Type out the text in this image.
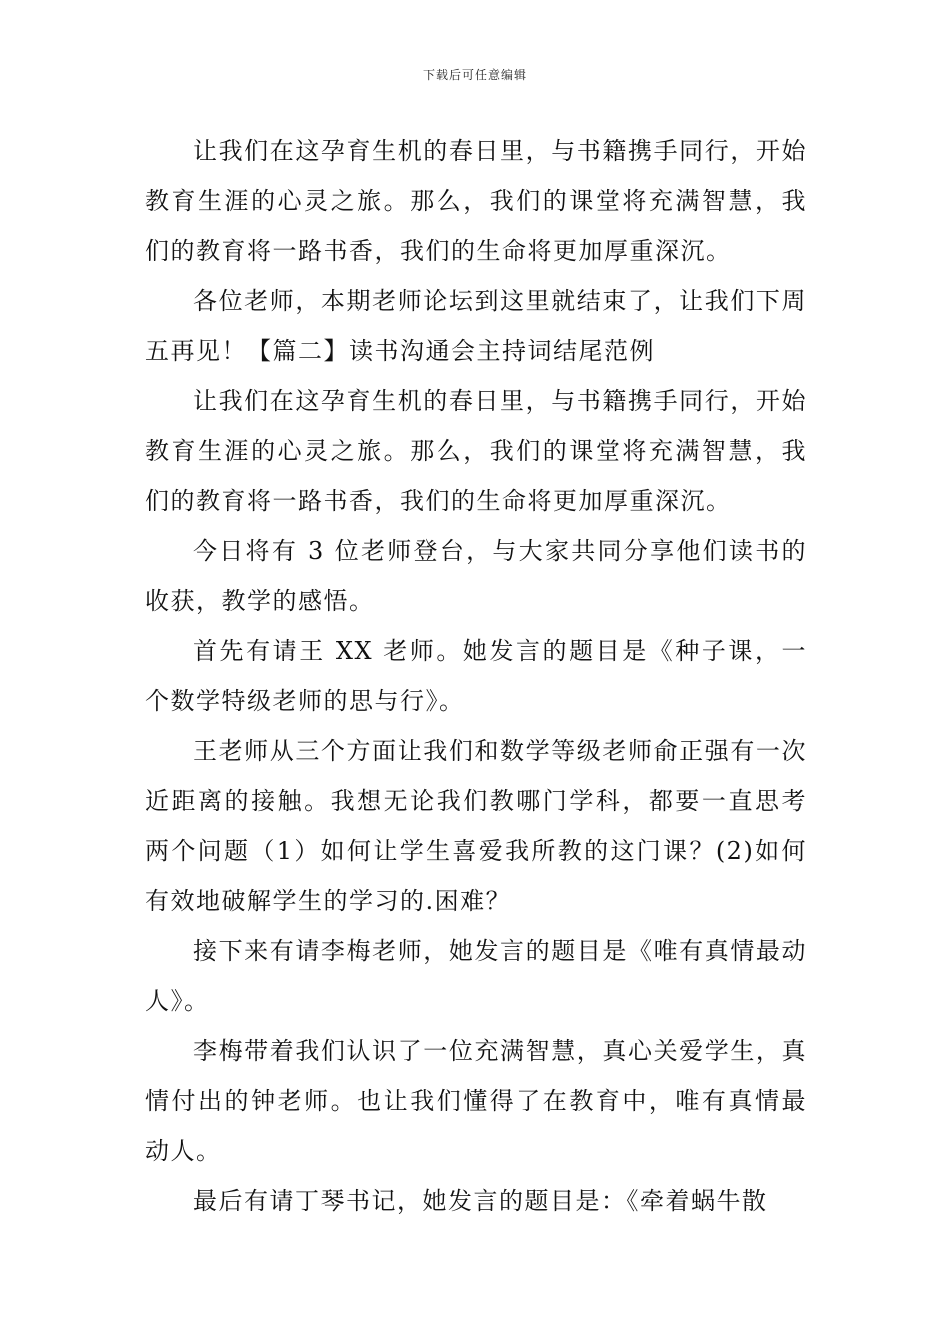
下载后可任意编辑

让我们在这孕育生机的春日里，与书籍携手同行，开始教育生涯的心灵之旅。那么，我们的课堂将充满智慧，我们的教育将一路书香，我们的生命将更加厚重深沉。

各位老师，本期老师论坛到这里就结束了，让我们下周五再见！【篇二】读书沟通会主持词结尾范例

让我们在这孕育生机的春日里，与书籍携手同行，开始教育生涯的心灵之旅。那么，我们的课堂将充满智慧，我们的教育将一路书香，我们的生命将更加厚重深沉。

今日将有 3 位老师登台，与大家共同分享他们读书的收获，教学的感悟。

首先有请王 XX 老师。她发言的题目是《种子课，一个数学特级老师的思与行》。

王老师从三个方面让我们和数学等级老师俞正强有一次近距离的接触。我想无论我们教哪门学科，都要一直思考两个问题（1）如何让学生喜爱我所教的这门课？(2)如何有效地破解学生的学习的.困难？

接下来有请李梅老师，她发言的题目是《唯有真情最动人》。

李梅带着我们认识了一位充满智慧，真心关爱学生，真情付出的钟老师。也让我们懂得了在教育中，唯有真情最动人。

最后有请丁琴书记，她发言的题目是：《牵着蜗牛散
